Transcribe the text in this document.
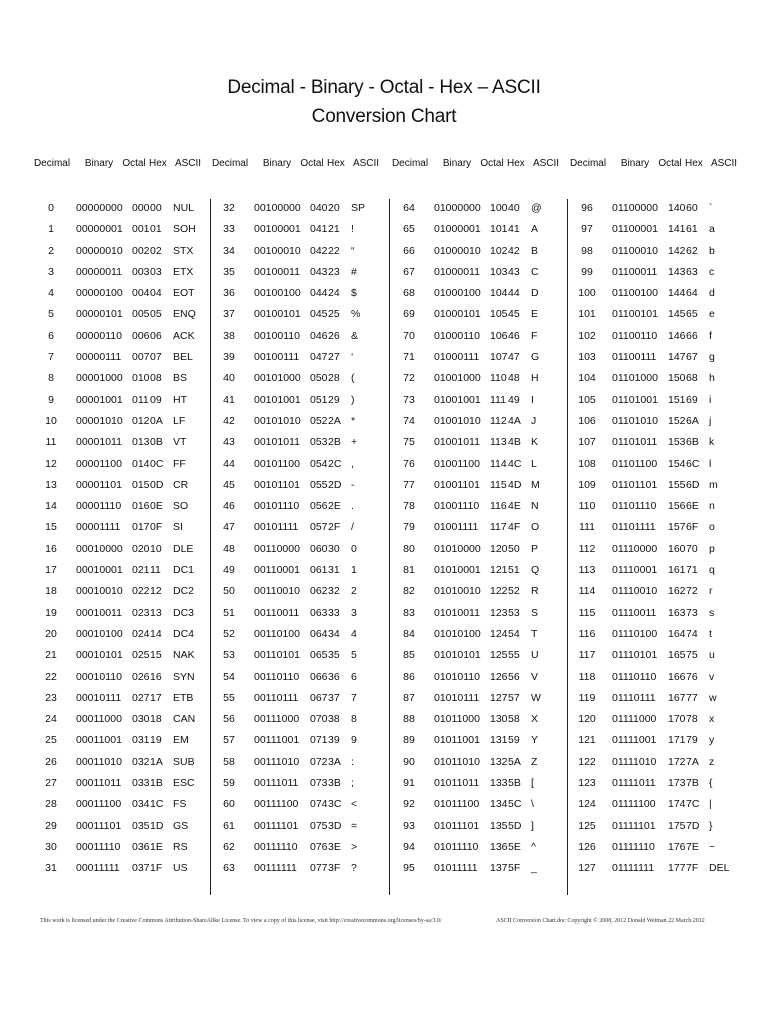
Decimal - Binary - Octal - Hex – ASCII
Conversion Chart
Decimal	Binary Octal Hex ASCII
0	00000000 000 00	NUL
1	00000001 001 01	SOH
2	00000010 002 02	STX
3	00000011 003 03	ETX
4	00000100 004 04	EOT
5	00000101 005 05	ENQ
6	00000110 006 06	ACK
7	00000111	007 07	BEL
8	00001000 010 08	BS
9	00001001 011 09	HT
10	00001010 012 0A LF
11	00001011 013 0B VT
12	00001100 014 0C FF
13	00001101 015 0D CR
14	00001110	016 0E SO
15	00001111	017 0F	SI
16	00010000 020 10	DLE
17	00010001 021 11	DC1
18	00010010 022 12	DC2
19	00010011 023 13	DC3
20	00010100 024 14	DC4
21	00010101 025 15	NAK
22	00010110 026 16	SYN
23	00010111	027 17	ETB
24	00011000 030 18	CAN
25	00011001 031 19	EM
26	00011010 032 1A SUB
27	00011011	033 1B ESC
28	00011100	034 1C FS
29	00011101	035 1D GS
30	00011110	036 1E RS
31	00011111	037 1F	US
Decimal	Binary Octal Hex ASCII
32	00100000 040 20	SP
33	00100001 041 21	!
34	00100010 042 22	“
35	00100011 043 23	#
36	00100100 044 24	$
37	00100101 045 25	%
38	00100110 046 26	&
39	00100111	047 27	‘
40	00101000 050 28	(
41	00101001 051 29	)
42	00101010 052 2A *
43	00101011 053 2B +
44	00101100 054 2C ,
45	00101101 055 2D -
46	00101110	056 2E .
47	00101111	057 2F	/
48	00110000 060 30	0
49	00110001 061 31	1
50	00110010 062 32	2
51	00110011	063 33	3
52	00110100 064 34	4
53	00110101 065 35	5
54	00110110	066 36	6
55	00110111	067 37	7
56	00111000	070 38	8
57	00111001	071 39	9
58	00111010	072 3A :
59	00111011	073 3B ;
60	00111100	074 3C <
61	00111101	075 3D =
62	00111110	076 3E >
63	00111111	077 3F	?
Decimal	Binary Octal Hex ASCII
64	01000000 100 40	@
65	01000001 101 41	A
66	01000010 102 42	B
67	01000011 103 43	C
68	01000100 104 44	D
69	01000101 105 45	E
70	01000110 106 46	F
71	01000111	107 47	G
72	01001000 110 48	H
73	01001001 111 49	I
74	01001010 112 4A J
75	01001011 113 4B K
76	01001100 114 4C L
77	01001101 115 4D M
78	01001110	116 4E N
79	01001111	117 4F	O
80	01010000 120 50	P
81	01010001 121 51	Q
82	01010010 122 52	R
83	01010011 123 53	S
84	01010100 124 54	T
85	01010101 125 55	U
86	01010110 126 56	V
87	01010111	127 57	W
88	01011000 130 58	X
89	01011001 131 59	Y
90	01011010 132 5A Z
91	01011011	133 5B [
92	01011100	134 5C \
93	01011101	135 5D ]
94	01011110	136 5E ^
95	01011111	137 5F	_
Decimal	Binary Octal Hex ASCII
96	01100000 140 60	`
97	01100001 141 61	a
98	01100010 142 62	b
99	01100011	143 63	c
100	01100100 144 64	d
101	01100101 145 65	e
102	01100110	146 66	f
103	01100111	147 67	g
104	01101000 150 68	h
105	01101001 151 69	i
106	01101010 152 6A j
107	01101011	153 6B k
108	01101100	154 6C l
109	01101101	155 6D m
110	01101110	156 6E n
111	01101111	157 6F	o
112	01110000	160 70	p
113	01110001	161 71	q
114	01110010	162 72	r
115	01110011	163 73	s
116	01110100	164 74	t
117	01110101	165 75	u
118	01110110	166 76	v
119	01110111	167 77	w
120	01111000	170 78	x
121	01111001	171 79	y
122	01111010	172 7A z
123	01111011	173 7B {
124	01111100	174 7C |
125	01111101	175 7D }
126	01111110	176 7E ~
127	01111111	177 7F	DEL
This work is licensed under the Creative Commons Attribution-ShareAlike License. To view a copy of this license, visit http://creativecommons.org/licenses/by-sa/3.0/	ASCII Conversion Chart.doc Copyright © 2008, 2012 Donald Weiman 22 March 2012
